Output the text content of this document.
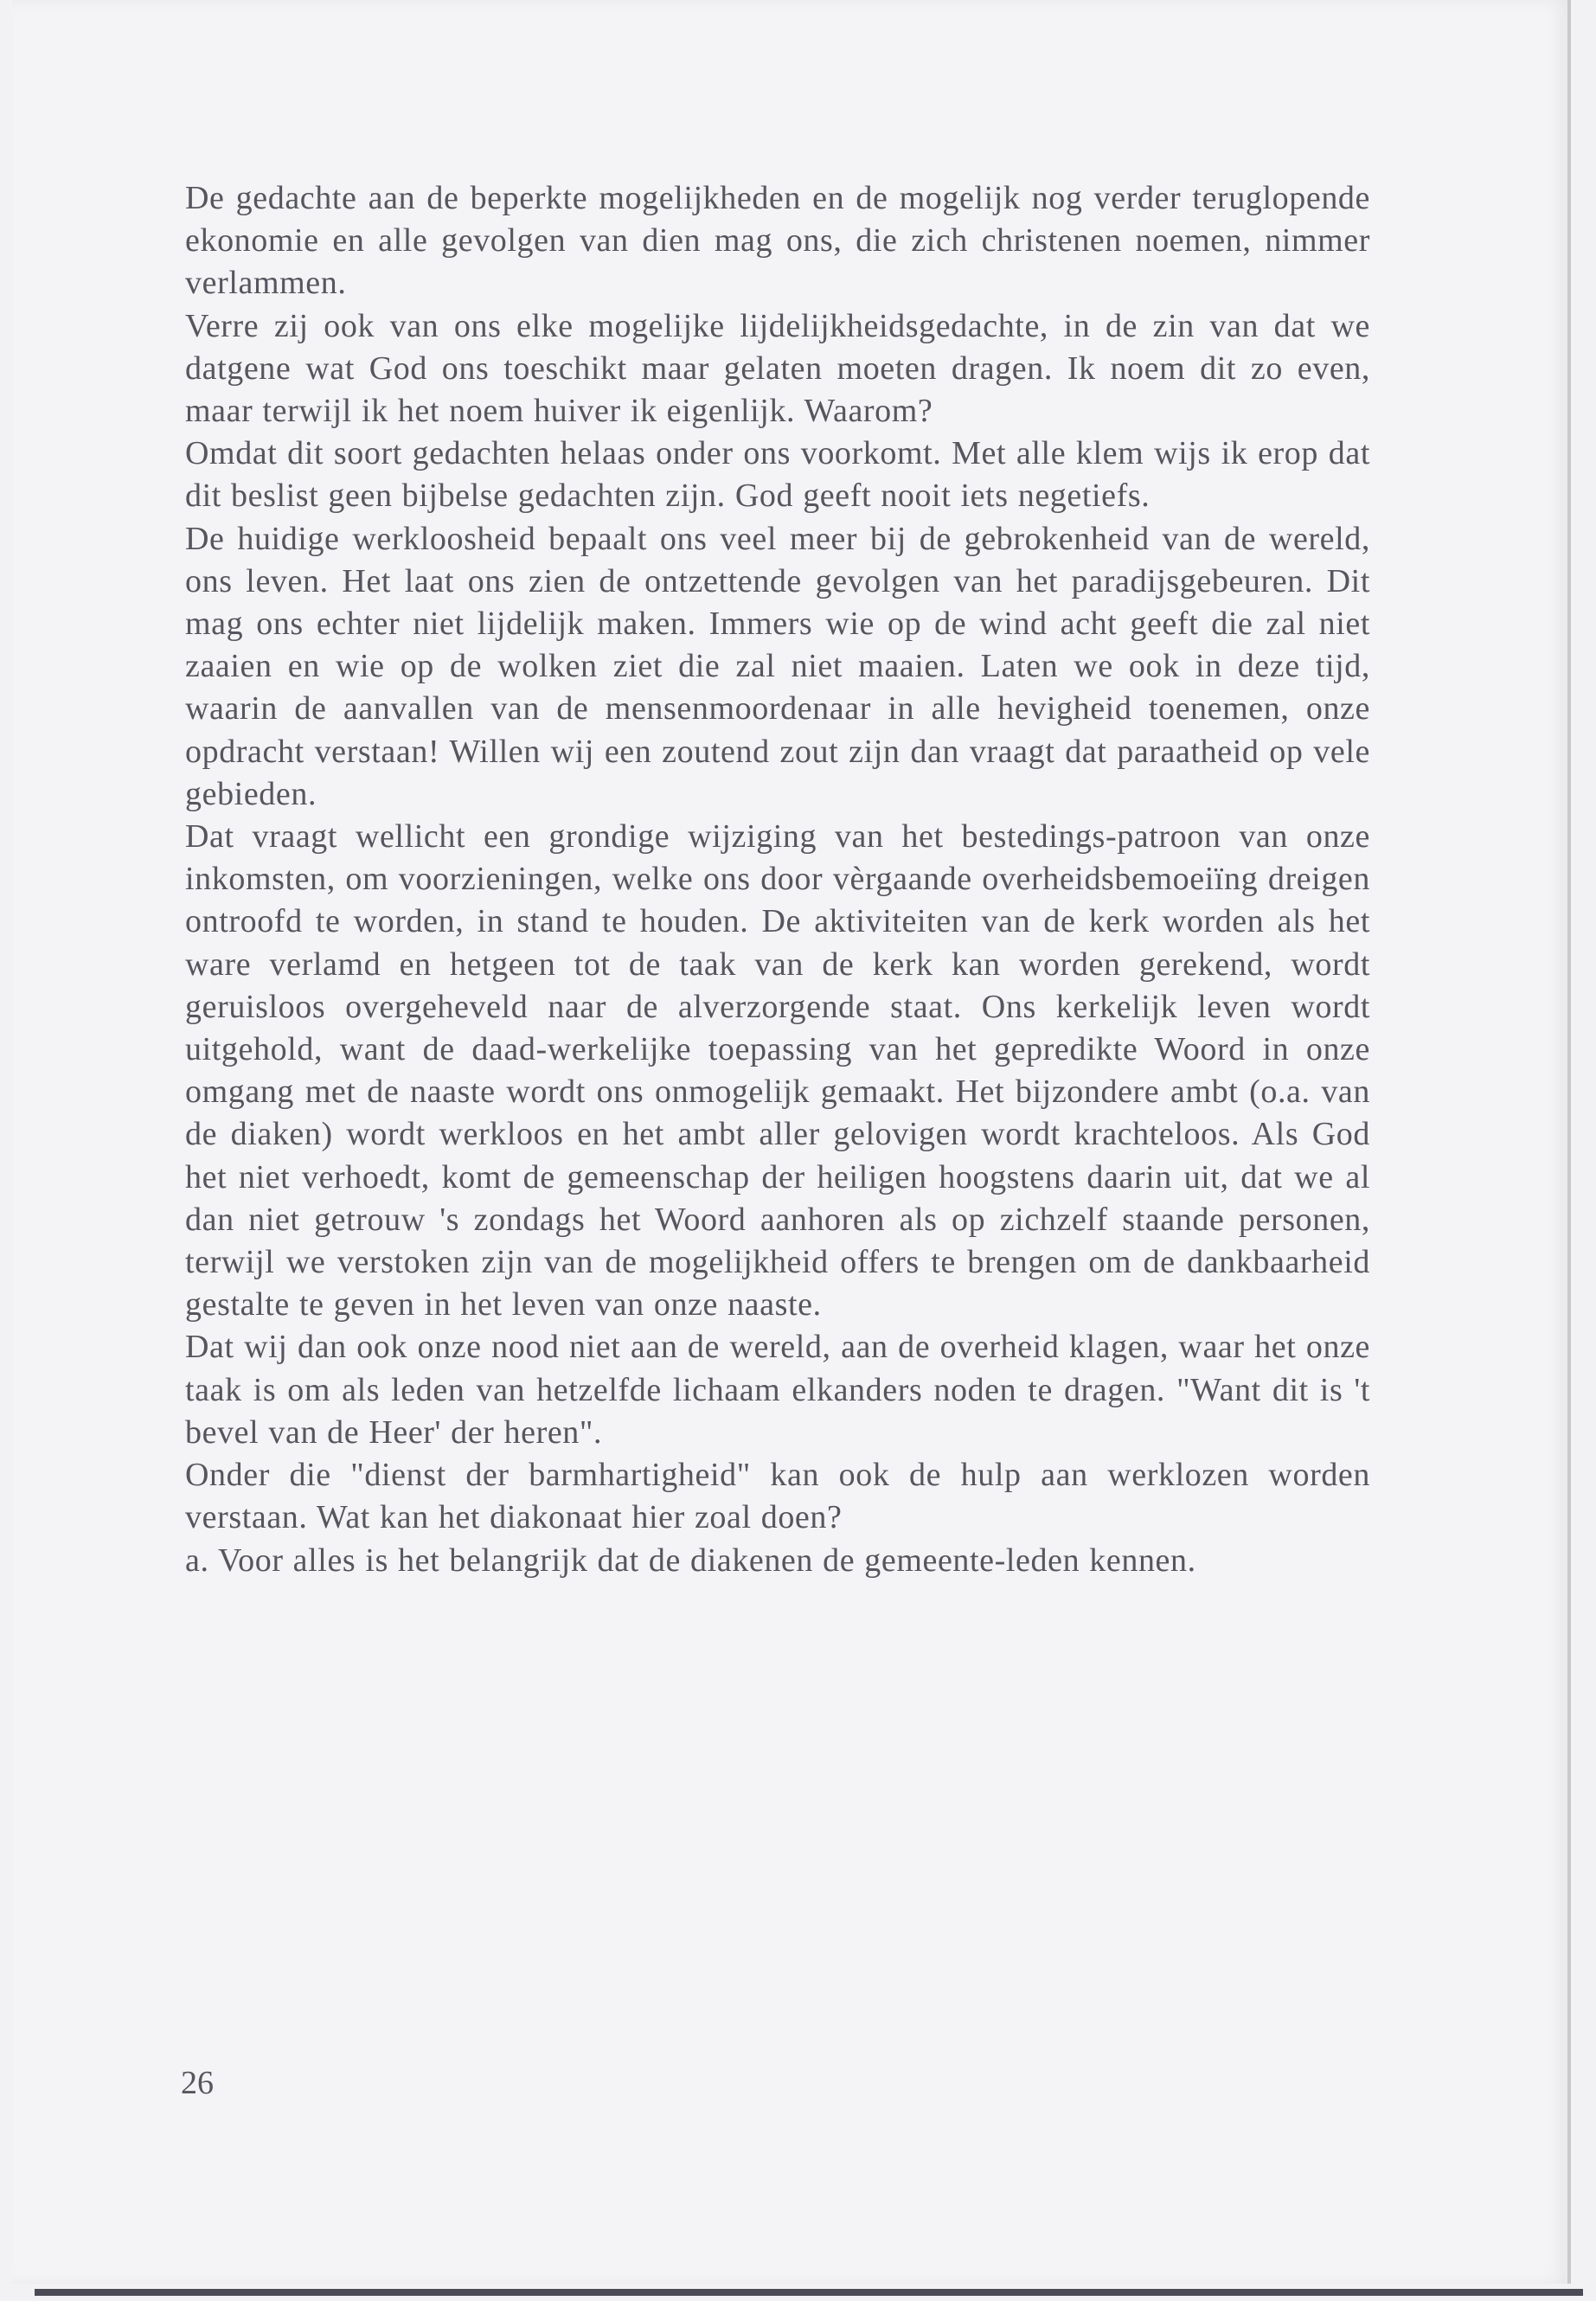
De gedachte aan de beperkte mogelijkheden en de mogelijk nog verder teruglopende ekonomie en alle gevolgen van dien mag ons, die zich christenen noemen, nimmer verlammen.

Verre zij ook van ons elke mogelijke lijdelijkheidsgedachte, in de zin van dat we datgene wat God ons toeschikt maar gelaten moeten dragen. Ik noem dit zo even, maar terwijl ik het noem huiver ik eigenlijk. Waarom?

Omdat dit soort gedachten helaas onder ons voorkomt. Met alle klem wijs ik erop dat dit beslist geen bijbelse gedachten zijn. God geeft nooit iets negetiefs.

De huidige werkloosheid bepaalt ons veel meer bij de gebrokenheid van de wereld, ons leven. Het laat ons zien de ontzettende gevolgen van het paradijsgebeuren. Dit mag ons echter niet lijdelijk maken. Immers wie op de wind acht geeft die zal niet zaaien en wie op de wolken ziet die zal niet maaien. Laten we ook in deze tijd, waarin de aanvallen van de mensenmoordenaar in alle hevigheid toenemen, onze opdracht verstaan! Willen wij een zoutend zout zijn dan vraagt dat paraatheid op vele gebieden.

Dat vraagt wellicht een grondige wijziging van het bestedings-patroon van onze inkomsten, om voorzieningen, welke ons door vèrgaande overheidsbemoeiïng dreigen ontroofd te worden, in stand te houden. De aktiviteiten van de kerk worden als het ware verlamd en hetgeen tot de taak van de kerk kan worden gerekend, wordt geruisloos overgeheveld naar de alverzorgende staat. Ons kerkelijk leven wordt uitgehold, want de daad-werkelijke toepassing van het gepredikte Woord in onze omgang met de naaste wordt ons onmogelijk gemaakt. Het bijzondere ambt (o.a. van de diaken) wordt werkloos en het ambt aller gelovigen wordt krachteloos. Als God het niet verhoedt, komt de gemeenschap der heiligen hoogstens daarin uit, dat we al dan niet getrouw 's zondags het Woord aanhoren als op zichzelf staande personen, terwijl we verstoken zijn van de mogelijkheid offers te brengen om de dankbaarheid gestalte te geven in het leven van onze naaste.

Dat wij dan ook onze nood niet aan de wereld, aan de overheid klagen, waar het onze taak is om als leden van hetzelfde lichaam elkanders noden te dragen. "Want dit is 't bevel van de Heer' der heren".

Onder die "dienst der barmhartigheid" kan ook de hulp aan werklozen worden verstaan. Wat kan het diakonaat hier zoal doen?

a. Voor alles is het belangrijk dat de diakenen de gemeente-leden kennen.

26
